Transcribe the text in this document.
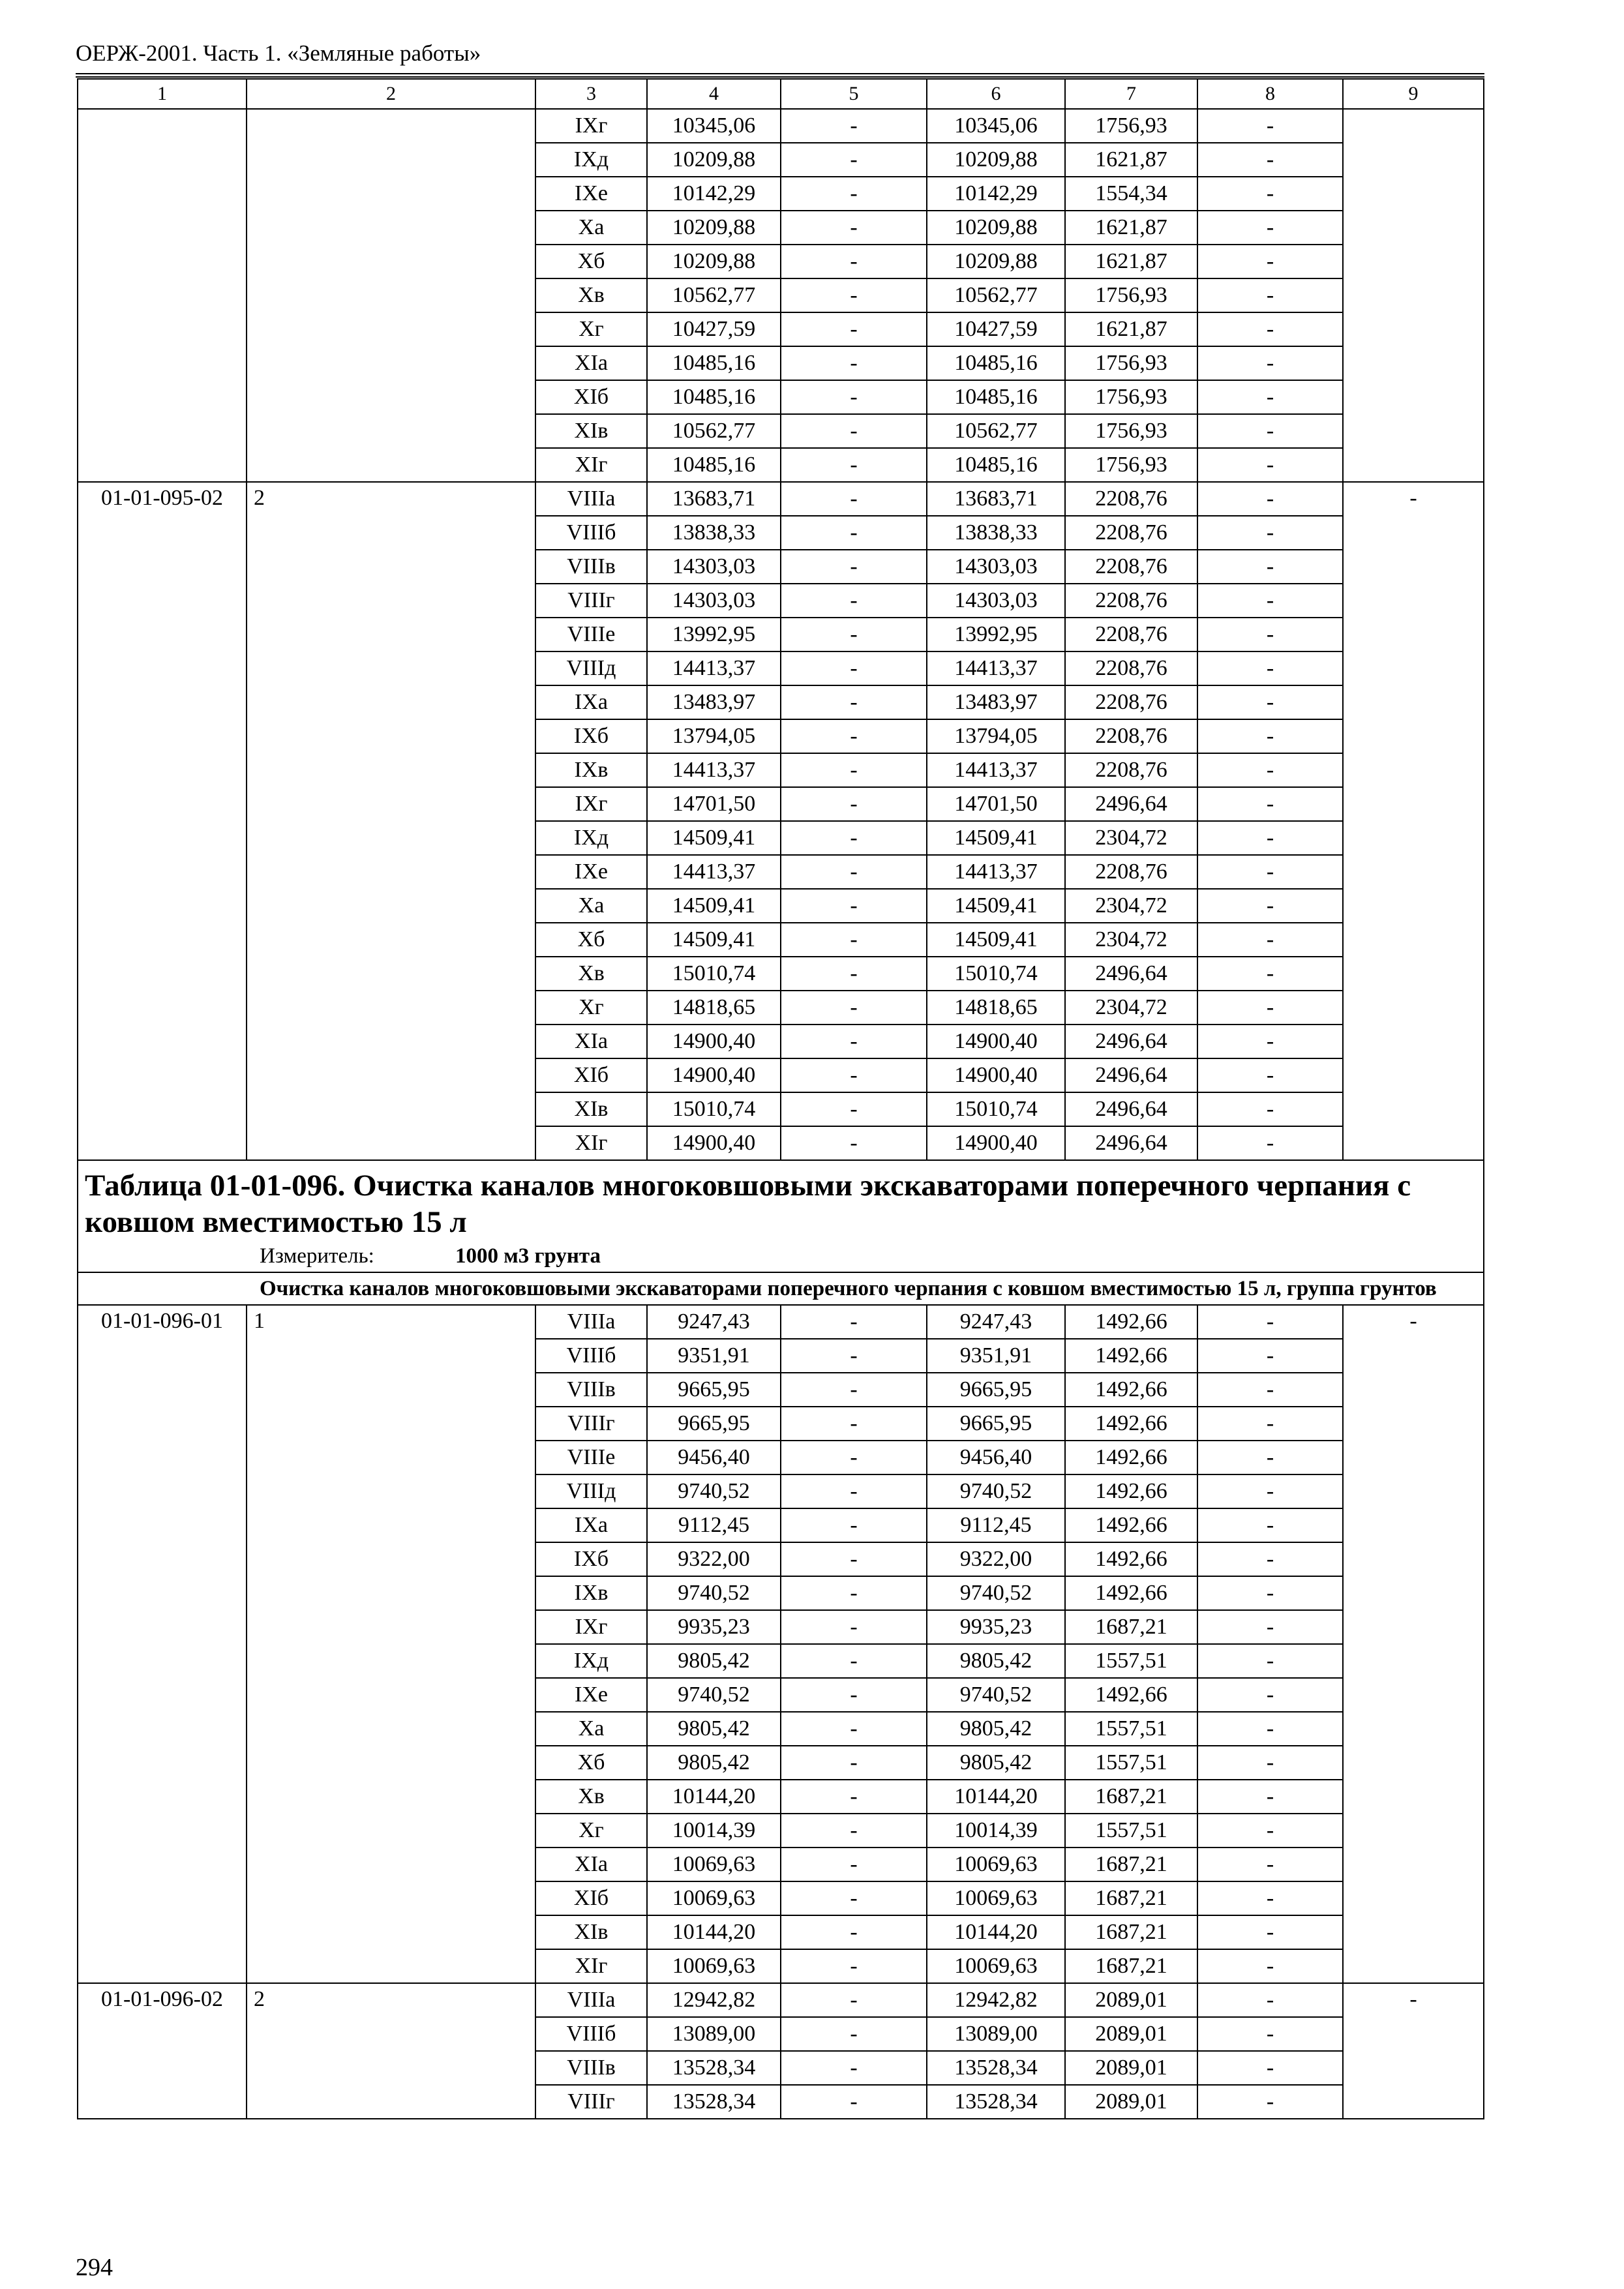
ОЕРЖ-2001. Часть 1. «Земляные работы»
1	2	3	4	5	6	7	8	9
		IXг	10345,06	-	10345,06	1756,93	-	
		IXд	10209,88	-	10209,88	1621,87	-	
		IXе	10142,29	-	10142,29	1554,34	-	
		Xа	10209,88	-	10209,88	1621,87	-	
		Xб	10209,88	-	10209,88	1621,87	-	
		Xв	10562,77	-	10562,77	1756,93	-	
		Xг	10427,59	-	10427,59	1621,87	-	
		XIа	10485,16	-	10485,16	1756,93	-	
		XIб	10485,16	-	10485,16	1756,93	-	
		XIв	10562,77	-	10562,77	1756,93	-	
		XIг	10485,16	-	10485,16	1756,93	-	
01-01-095-02	2	VIIIа	13683,71	-	13683,71	2208,76	-	-
		VIIIб	13838,33	-	13838,33	2208,76	-	
		VIIIв	14303,03	-	14303,03	2208,76	-	
		VIIIг	14303,03	-	14303,03	2208,76	-	
		VIIIе	13992,95	-	13992,95	2208,76	-	
		VIIIд	14413,37	-	14413,37	2208,76	-	
		IXа	13483,97	-	13483,97	2208,76	-	
		IXб	13794,05	-	13794,05	2208,76	-	
		IXв	14413,37	-	14413,37	2208,76	-	
		IXг	14701,50	-	14701,50	2496,64	-	
		IXд	14509,41	-	14509,41	2304,72	-	
		IXе	14413,37	-	14413,37	2208,76	-	
		Xа	14509,41	-	14509,41	2304,72	-	
		Xб	14509,41	-	14509,41	2304,72	-	
		Xв	15010,74	-	15010,74	2496,64	-	
		Xг	14818,65	-	14818,65	2304,72	-	
		XIа	14900,40	-	14900,40	2496,64	-	
		XIб	14900,40	-	14900,40	2496,64	-	
		XIв	15010,74	-	15010,74	2496,64	-	
		XIг	14900,40	-	14900,40	2496,64	-	

Таблица 01-01-096. Очистка каналов многоковшовыми экскаваторами поперечного черпания с ковшом вместимостью 15 л
Измеритель: 1000 м3 грунта								

Очистка каналов многоковшовыми экскаваторами поперечного черпания с ковшом вместимостью 15 л, группа грунтов								
01-01-096-01	1	VIIIа	9247,43	-	9247,43	1492,66	-	-
		VIIIб	9351,91	-	9351,91	1492,66	-	
		VIIIв	9665,95	-	9665,95	1492,66	-	
		VIIIг	9665,95	-	9665,95	1492,66	-	
		VIIIе	9456,40	-	9456,40	1492,66	-	
		VIIIд	9740,52	-	9740,52	1492,66	-	
		IXа	9112,45	-	9112,45	1492,66	-	
		IXб	9322,00	-	9322,00	1492,66	-	
		IXв	9740,52	-	9740,52	1492,66	-	
		IXг	9935,23	-	9935,23	1687,21	-	
		IXд	9805,42	-	9805,42	1557,51	-	
		IXе	9740,52	-	9740,52	1492,66	-	
		Xа	9805,42	-	9805,42	1557,51	-	
		Xб	9805,42	-	9805,42	1557,51	-	
		Xв	10144,20	-	10144,20	1687,21	-	
		Xг	10014,39	-	10014,39	1557,51	-	
		XIа	10069,63	-	10069,63	1687,21	-	
		XIб	10069,63	-	10069,63	1687,21	-	
		XIв	10144,20	-	10144,20	1687,21	-	
		XIг	10069,63	-	10069,63	1687,21	-	
01-01-096-02	2	VIIIа	12942,82	-	12942,82	2089,01	-	-
		VIIIб	13089,00	-	13089,00	2089,01	-	
		VIIIв	13528,34	-	13528,34	2089,01	-	
		VIIIг	13528,34	-	13528,34	2089,01	-	
294
